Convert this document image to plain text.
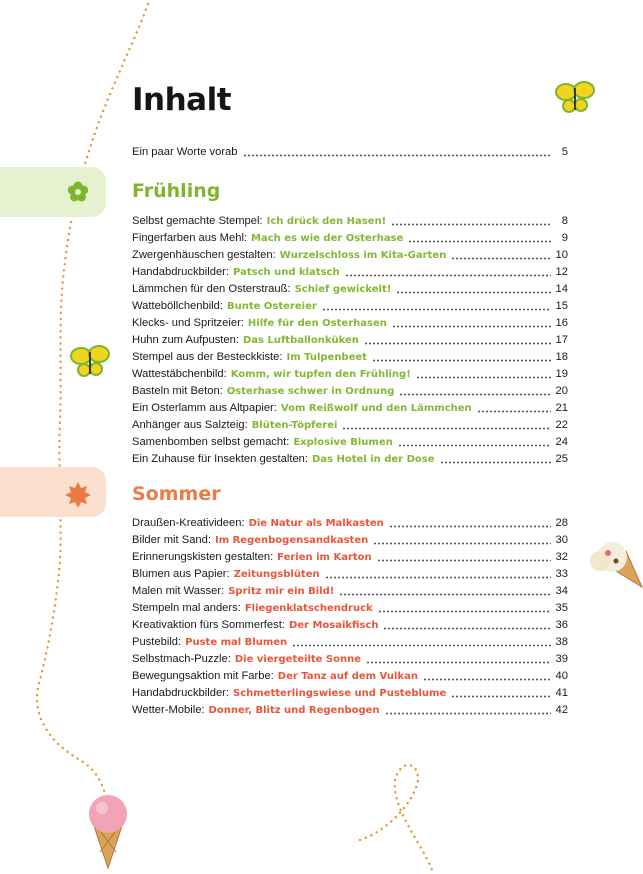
Inhalt
Ein paar Worte vorab	5
Frühling
Selbst gemachte Stempel: Ich drück den Hasen!	8
Fingerfarben aus Mehl: Mach es wie der Osterhase	9
Zwergenhäuschen gestalten: Wurzelschloss im Kita-Garten	10
Handabdruckbilder: Patsch und klatsch	12
Lämmchen für den Osterstrauß: Schief gewickelt!	14
Watteböllchenbild: Bunte Ostereier	15
Klecks- und Spritzeier: Hilfe für den Osterhasen	16
Huhn zum Aufpusten: Das Luftballonküken	17
Stempel aus der Besteckkiste: Im Tulpenbeet	18
Wattestäbchenbild: Komm, wir tupfen den Frühling!	19
Basteln mit Beton: Osterhase schwer in Ordnung	20
Ein Osterlamm aus Altpapier: Vom Reißwolf und den Lämmchen	21
Anhänger aus Salzteig: Blüten-Töpferei	22
Samenbomben selbst gemacht: Explosive Blumen	24
Ein Zuhause für Insekten gestalten: Das Hotel in der Dose	25
Sommer
Draußen-Kreativideen: Die Natur als Malkasten	28
Bilder mit Sand: Im Regenbogensandkasten	30
Erinnerungskisten gestalten: Ferien im Karton	32
Blumen aus Papier: Zeitungsblüten	33
Malen mit Wasser: Spritz mir ein Bild!	34
Stempeln mal anders: Fliegenklatschendruck	35
Kreativaktion fürs Sommerfest: Der Mosaikfisch	36
Pustebild: Puste mal Blumen	38
Selbstmach-Puzzle: Die viergeteilte Sonne	39
Bewegungsaktion mit Farbe: Der Tanz auf dem Vulkan	40
Handabdruckbilder: Schmetterlingswiese und Pusteblume	41
Wetter-Mobile: Donner, Blitz und Regenbogen	42
